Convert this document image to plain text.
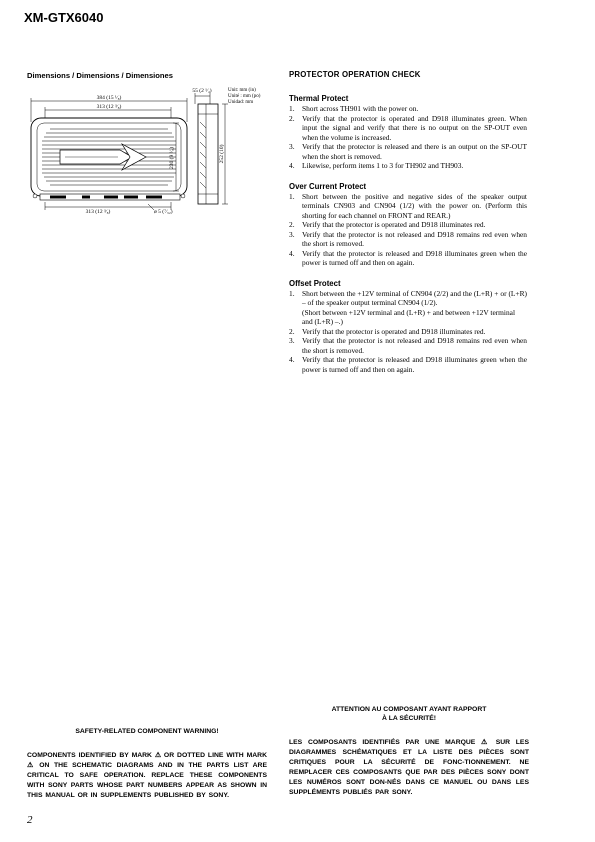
XM-GTX6040
Dimensions / Dimensions / Dimensiones
384 (15 ¹⁄₈)
313 (12 ³⁄₈)
230 (9 ¹⁄₈)
313 (12 ³⁄₈)	ø 5 (⁷⁄₃₂)
55 (2 ¹⁄₄)
252 (10)
Unit: mm (in)
Unité : mm (po)
Unidad: mm
PROTECTOR OPERATION CHECK
Thermal Protect
1.	Short across TH901 with the power on.

2.	Verify that the protector is operated and D918 illuminates green. When input the signal and verify that there is no output on the SP-OUT even when the volume is increased.

3.	Verify that the protector is released and there is an output on the SP-OUT when the short is removed.

4.	Likewise, perform items 1 to 3 for TH902 and TH903.

Over Current Protect
1.	Short between the positive and negative sides of the speaker output terminals CN903 and CN904 (1/2) with the power on. (Perform this shorting for each channel on FRONT and REAR.)

2.	Verify that the protector is operated and D918 illuminates red.

3.	Verify that the protector is not released and D918 remains red even when the short is removed.

4.	Verify that the protector is released and D918 illuminates green when the power is turned off and then on again.

Offset Protect
1.	Short between the +12V terminal of CN904 (2/2) and the (L+R) + or (L+R) – of the speaker output terminal CN904 (1/2).

(Short between +12V terminal and (L+R) + and between +12V terminal and (L+R) –.)

2.	Verify that the protector is operated and D918 illuminates red.

3.	Verify that the protector is not released and D918 remains red even when the short is removed.

4.	Verify that the protector is released and D918 illuminates green when the power is turned off and then on again.

SAFETY-RELATED COMPONENT WARNING!
COMPONENTS IDENTIFIED BY MARK ⚠ OR DOTTED LINE WITH MARK ⚠ ON THE SCHEMATIC DIAGRAMS AND IN THE PARTS LIST ARE CRITICAL TO SAFE OPERATION. REPLACE THESE COMPONENTS WITH SONY PARTS WHOSE PART NUMBERS APPEAR AS SHOWN IN THIS MANUAL OR IN SUPPLEMENTS PUBLISHED BY SONY.
ATTENTION AU COMPOSANT AYANT RAPPORT
À LA SÉCURITÉ!
LES COMPOSANTS IDENTIFIÉS PAR UNE MARQUE ⚠ SUR LES DIAGRAMMES SCHÉMATIQUES ET LA LISTE DES PIÈCES SONT CRITIQUES POUR LA SÉCURITÉ DE FONC-TIONNEMENT. NE REMPLACER CES COMPOSANTS QUE PAR DES PIÈCES SONY DONT LES NUMÉROS SONT DON-NÉS DANS CE MANUEL OU DANS LES SUPPLÉMENTS PUBLIÉS PAR SONY.
2
